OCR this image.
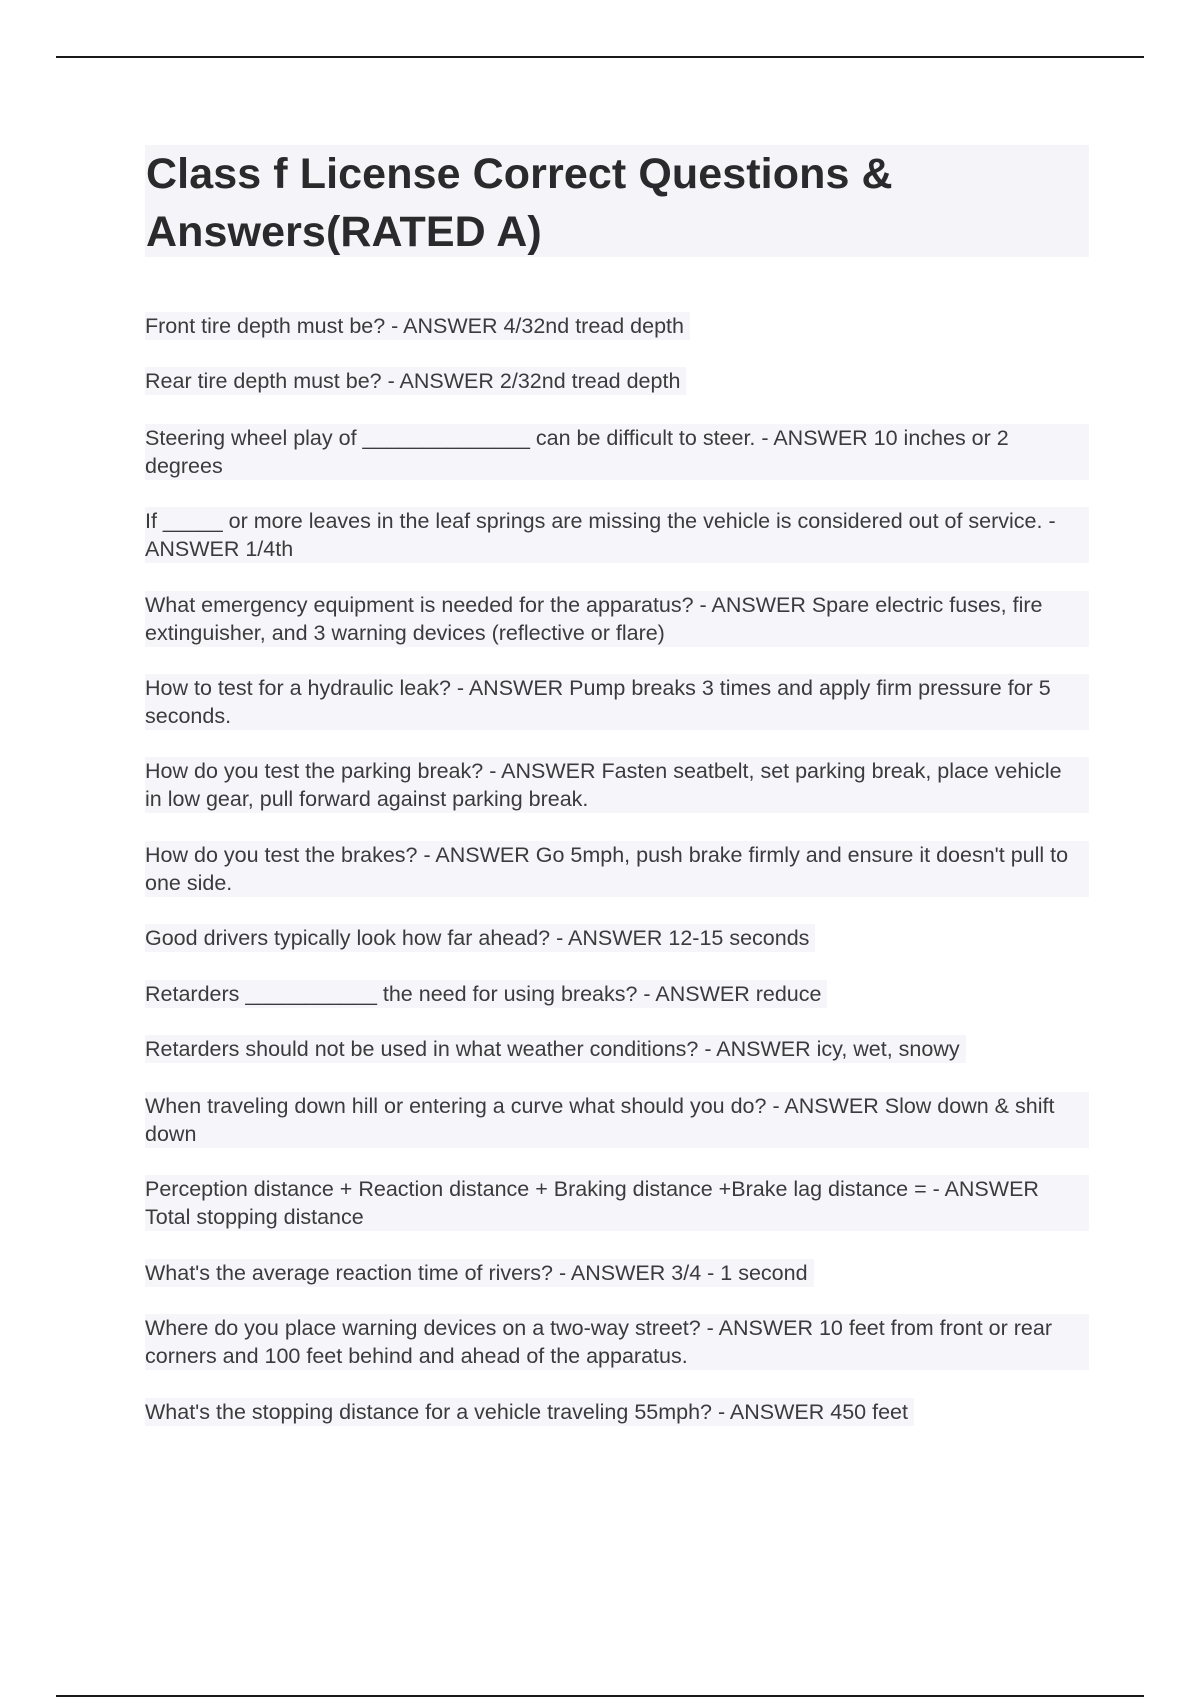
Class f License Correct Questions & Answers(RATED A)
Front tire depth must be? - ANSWER 4/32nd tread depth
Rear tire depth must be? - ANSWER 2/32nd tread depth
Steering wheel play of ______________ can be difficult to steer. - ANSWER 10 inches or 2 degrees
If _____ or more leaves in the leaf springs are missing the vehicle is considered out of service. - ANSWER 1/4th
What emergency equipment is needed for the apparatus? - ANSWER Spare electric fuses, fire extinguisher, and 3 warning devices (reflective or flare)
How to test for a hydraulic leak? - ANSWER Pump breaks 3 times and apply firm pressure for 5 seconds.
How do you test the parking break? - ANSWER Fasten seatbelt, set parking break, place vehicle in low gear, pull forward against parking break.
How do you test the brakes? - ANSWER Go 5mph, push brake firmly and ensure it doesn't pull to one side.
Good drivers typically look how far ahead? - ANSWER 12-15 seconds
Retarders ___________ the need for using breaks? - ANSWER reduce
Retarders should not be used in what weather conditions? - ANSWER icy, wet, snowy
When traveling down hill or entering a curve what should you do? - ANSWER Slow down & shift down
Perception distance + Reaction distance + Braking distance +Brake lag distance = - ANSWER Total stopping distance
What's the average reaction time of rivers? - ANSWER 3/4 - 1 second
Where do you place warning devices on a two-way street? - ANSWER 10 feet from front or rear corners and 100 feet behind and ahead of the apparatus.
What's the stopping distance for a vehicle traveling 55mph? - ANSWER 450 feet
